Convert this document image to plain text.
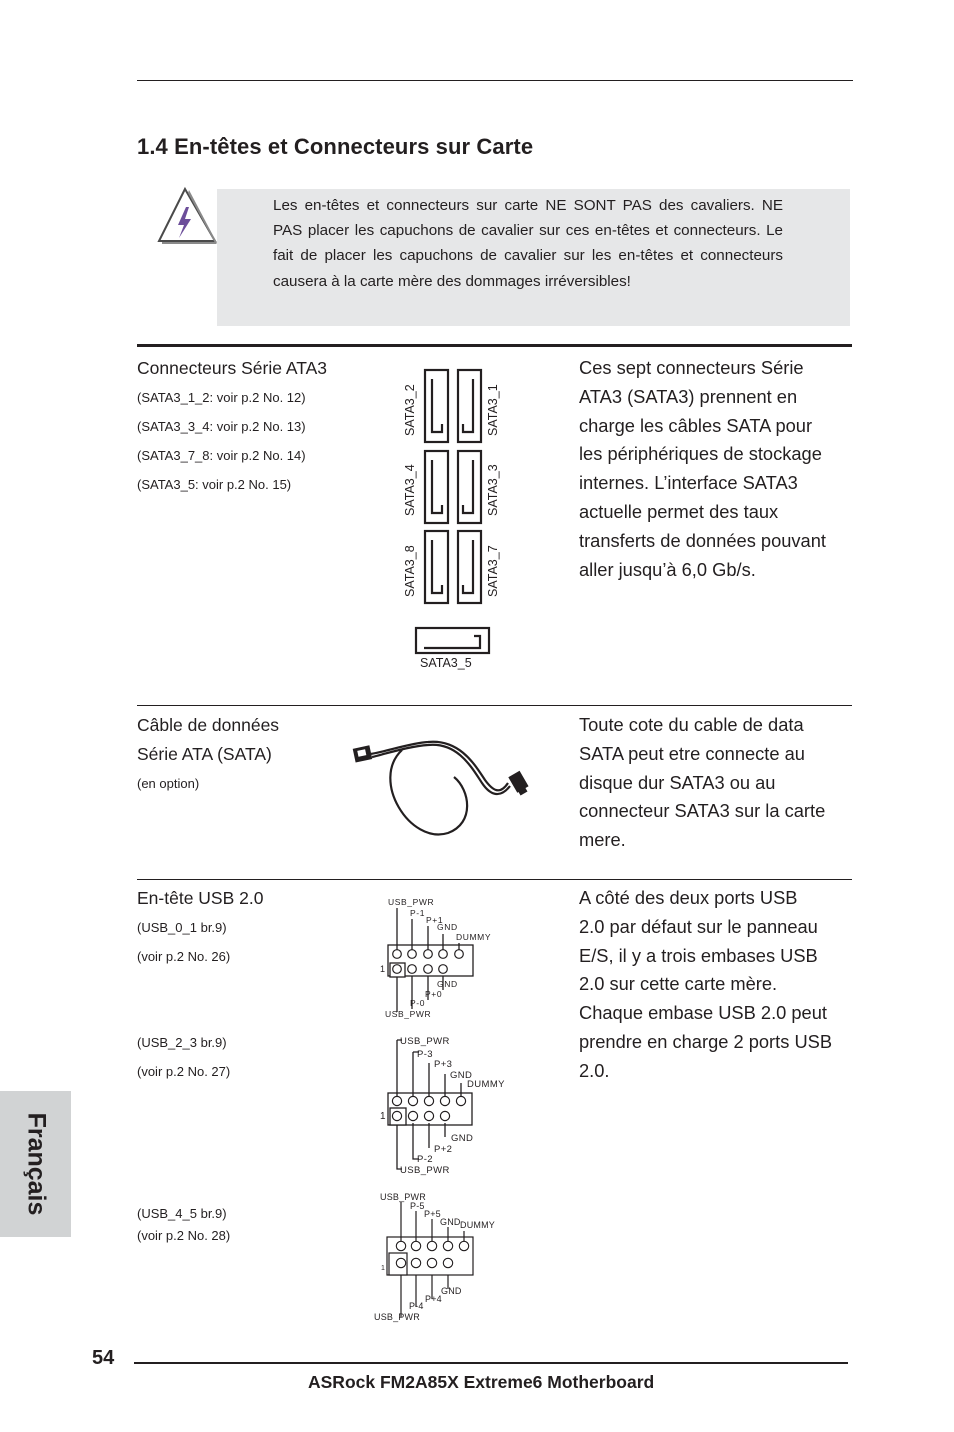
1.4 En-têtes et Connecteurs sur Carte
Les en-têtes et connecteurs sur carte NE SONT PAS des cavaliers. NE PAS placer les capuchons de cavalier sur ces en-têtes et connecteurs. Le fait de placer les capuchons de cavalier sur les en-têtes et connecteurs causera à la carte mère des dommages irréversibles!
Connecteurs Série ATA3
(SATA3_1_2: voir p.2 No. 12)
(SATA3_3_4: voir p.2 No. 13)
(SATA3_7_8: voir p.2 No. 14)
(SATA3_5: voir p.2 No. 15)
SATA3_2	SATA3_1
SATA3_4	SATA3_3
SATA3_8	SATA3_7
SATA3_5
Ces sept connecteurs Série
ATA3 (SATA3) prennent en
charge les câbles SATA pour
les périphériques de stockage
internes. L’interface SATA3
actuelle permet des taux
transferts de données pouvant
aller jusqu’à 6,0 Gb/s.
Câble de données
Série ATA (SATA)
(en option)
Toute cote du cable de data
SATA peut etre connecte au
disque dur SATA3 ou au
connecteur SATA3 sur la carte
mere.
En-tête USB 2.0
(USB_0_1 br.9)
(voir p.2 No. 26)
(USB_2_3 br.9)
(voir p.2 No. 27)
(USB_4_5 br.9)
(voir p.2 No. 28)
USB_PWR
P-1
P+1
GND
DUMMY
GND
P+0
P-0
USB_PWR
1
USB_PWR
P-3
P+3
GND
DUMMY
GND
P+2
P-2
USB_PWR
1
USB_PWR
P-5
P+5
GND DUMMY
GND
P+4
P-4
USB_PWR
1
A côté des deux ports USB
2.0 par défaut sur le panneau
E/S, il y a trois embases USB
2.0 sur cette carte mère.
Chaque embase USB 2.0 peut
prendre en charge 2 ports USB
2.0.
Français
54
ASRock FM2A85X Extreme6 Motherboard
